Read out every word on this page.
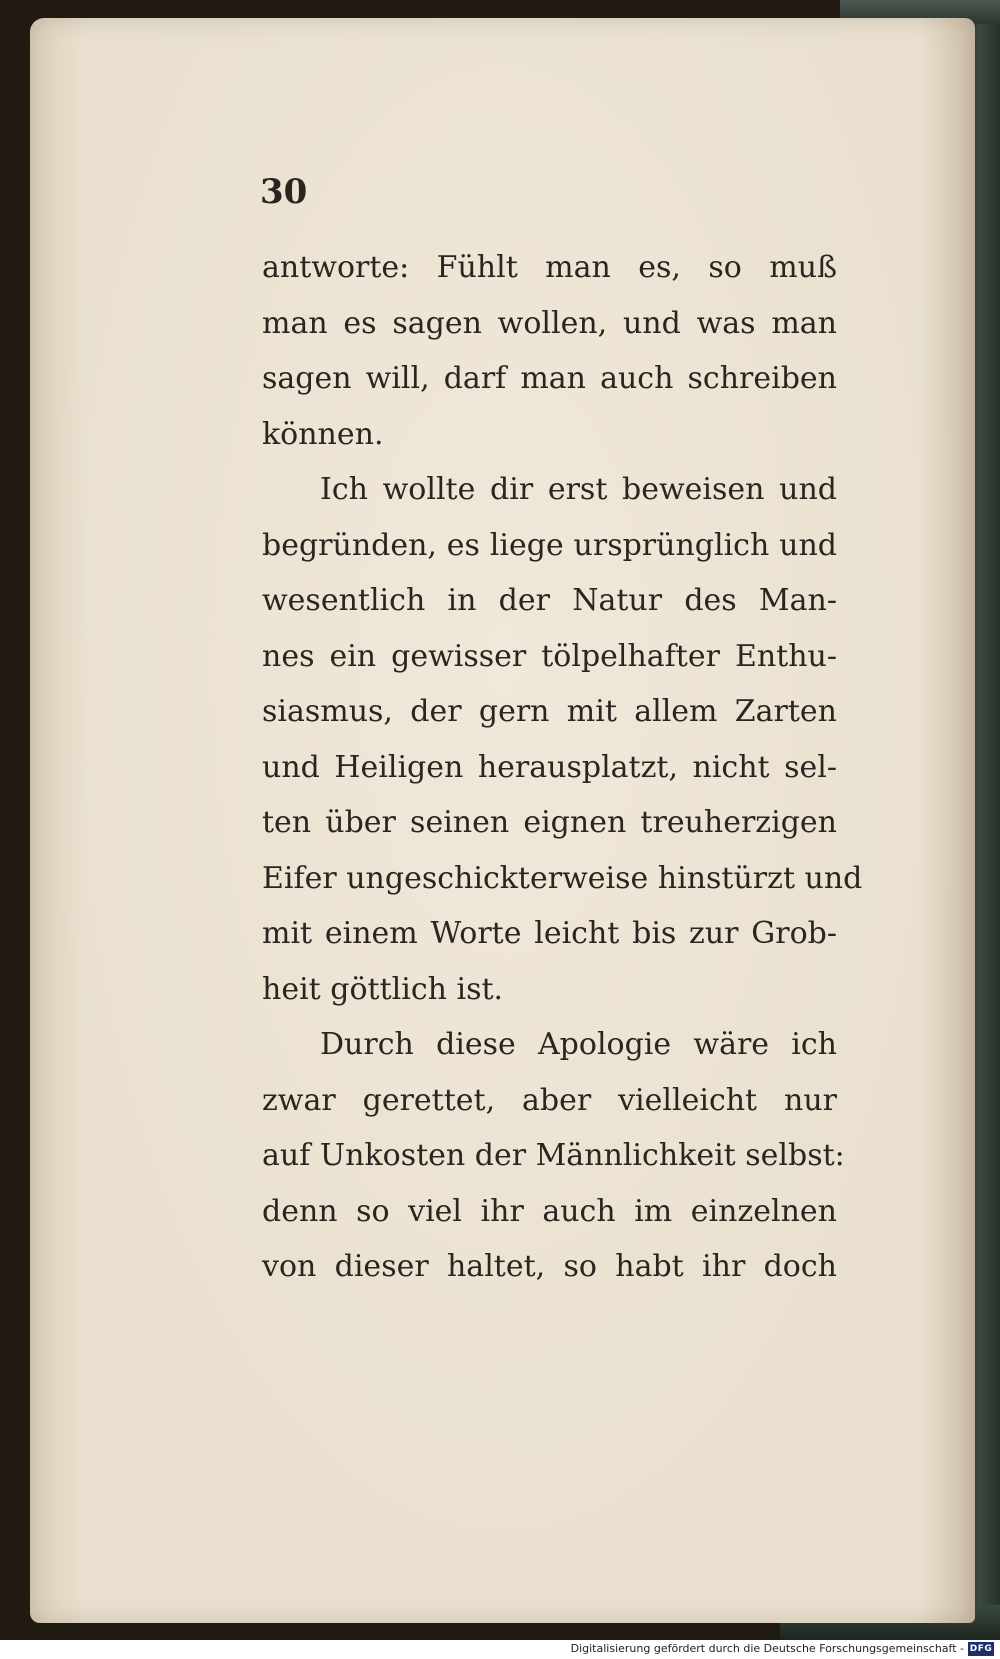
30

antworte: Fühlt man es, so muß
man es sagen wollen, und was man
sagen will, darf man auch schreiben
können.

Ich wollte dir erst beweisen und
begründen, es liege ursprünglich und
wesentlich in der Natur des Man-
nes ein gewisser tölpelhafter Enthu-
siasmus, der gern mit allem Zarten
und Heiligen herausplatzt, nicht sel-
ten über seinen eignen treuherzigen
Eifer ungeschickterweise hinstürzt und
mit einem Worte leicht bis zur Grob-
heit göttlich ist.

Durch diese Apologie wäre ich
zwar gerettet, aber vielleicht nur
auf Unkosten der Männlichkeit selbst:
denn so viel ihr auch im einzelnen
von dieser haltet, so habt ihr doch

Digitalisierung gefördert durch die Deutsche Forschungsgemeinschaft - DFG
